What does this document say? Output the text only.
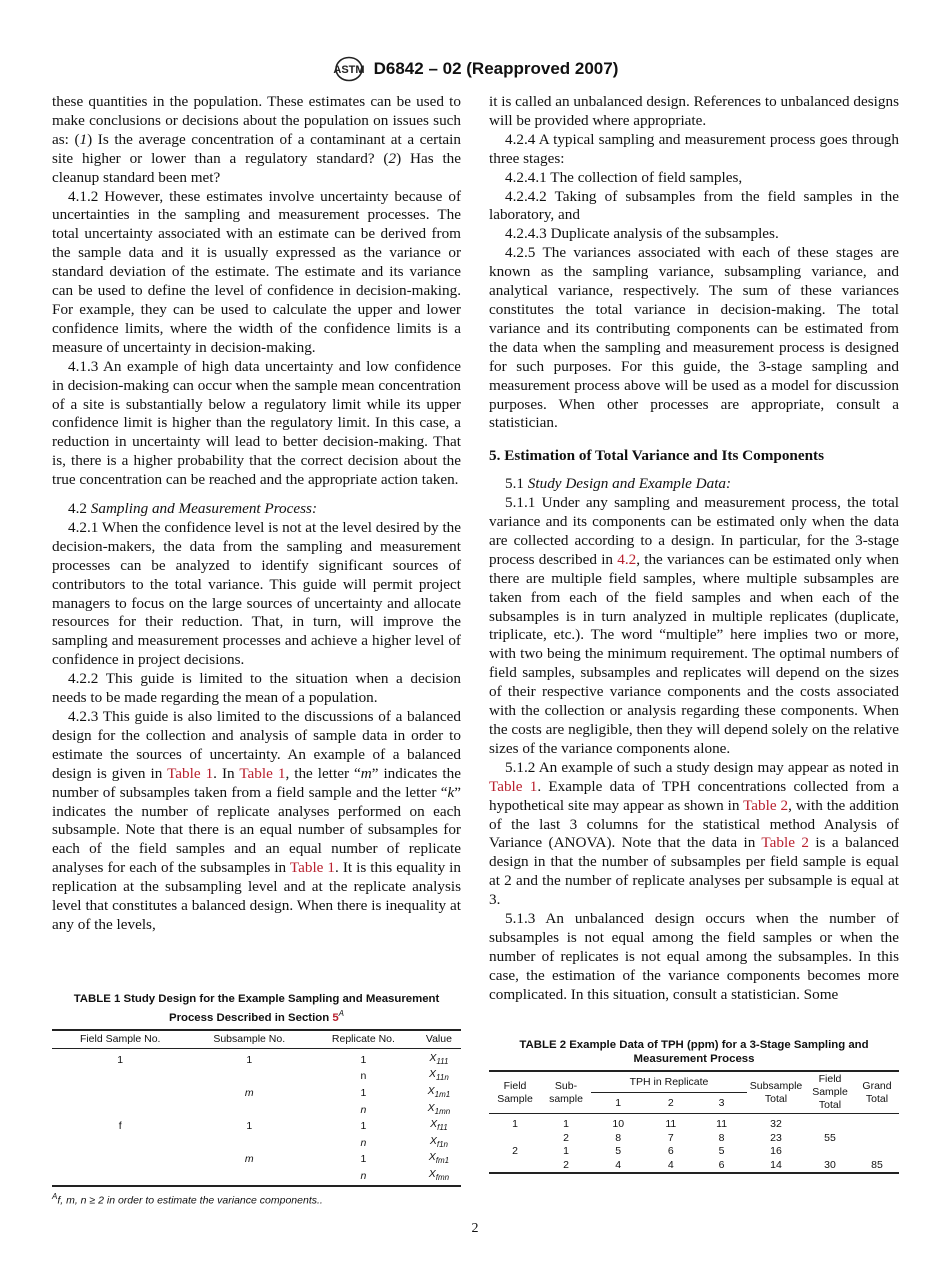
ASTM D6842 – 02 (Reapproved 2007)

these quantities in the population. These estimates can be used to make conclusions or decisions about the population on issues such as: (1) Is the average concentration of a contaminant at a certain site higher or lower than a regulatory standard? (2) Has the cleanup standard been met?

4.1.2 However, these estimates involve uncertainty because of uncertainties in the sampling and measurement processes. The total uncertainty associated with an estimate can be derived from the sample data and it is usually expressed as the variance or standard deviation of the estimate. The estimate and its variance can be used to define the level of confidence in decision-making. For example, they can be used to calculate the upper and lower confidence limits, where the width of the confidence limits is a measure of uncertainty in decision-making.

4.1.3 An example of high data uncertainty and low confidence in decision-making can occur when the sample mean concentration of a site is substantially below a regulatory limit while its upper confidence limit is higher than the regulatory limit. In this case, a reduction in uncertainty will lead to better decision-making. That is, there is a higher probability that the correct decision about the true concentration can be reached and the appropriate action taken.

4.2 Sampling and Measurement Process:

4.2.1 When the confidence level is not at the level desired by the decision-makers, the data from the sampling and measurement processes can be analyzed to identify significant sources of contributors to the total variance. This guide will permit project managers to focus on the large sources of uncertainty and allocate resources for their reduction. That, in turn, will improve the sampling and measurement processes and achieve a higher level of confidence in project decisions.

4.2.2 This guide is limited to the situation when a decision needs to be made regarding the mean of a population.

4.2.3 This guide is also limited to the discussions of a balanced design for the collection and analysis of sample data in order to estimate the sources of uncertainty. An example of a balanced design is given in Table 1. In Table 1, the letter “m” indicates the number of subsamples taken from a field sample and the letter “k” indicates the number of replicate analyses performed on each subsample. Note that there is an equal number of subsamples for each of the field samples and an equal number of replicate analyses for each of the subsamples in Table 1. It is this equality in replication at the subsampling level and at the replicate analysis level that constitutes a balanced design. When there is inequality at any of the levels,

it is called an unbalanced design. References to unbalanced designs will be provided where appropriate.

4.2.4 A typical sampling and measurement process goes through three stages:

4.2.4.1 The collection of field samples,

4.2.4.2 Taking of subsamples from the field samples in the laboratory, and

4.2.4.3 Duplicate analysis of the subsamples.

4.2.5 The variances associated with each of these stages are known as the sampling variance, subsampling variance, and analytical variance, respectively. The sum of these variances constitutes the total variance in decision-making. The total variance and its contributing components can be estimated from the data when the sampling and measurement process is designed for such purposes. For this guide, the 3-stage sampling and measurement process above will be used as a model for discussion purposes. When other processes are appropriate, consult a statistician.

5. Estimation of Total Variance and Its Components

5.1 Study Design and Example Data:

5.1.1 Under any sampling and measurement process, the total variance and its components can be estimated only when the data are collected according to a design. In particular, for the 3-stage process described in 4.2, the variances can be estimated only when there are multiple field samples, where multiple subsamples are taken from each of the field samples and when each of the subsamples is in turn analyzed in multiple replicates (duplicate, triplicate, etc.). The word “multiple” here implies two or more, with two being the minimum requirement. The optimal numbers of field samples, subsamples and replicates will depend on the sizes of their respective variance components and the costs associated with the collection or analysis regarding these components. When the costs are negligible, then they will depend solely on the relative sizes of the variance components alone.

5.1.2 An example of such a study design may appear as noted in Table 1. Example data of TPH concentrations collected from a hypothetical site may appear as shown in Table 2, with the addition of the last 3 columns for the statistical method Analysis of Variance (ANOVA). Note that the data in Table 2 is a balanced design in that the number of subsamples per field sample is equal at 2 and the number of replicate analyses per subsample is equal at 3.

5.1.3 An unbalanced design occurs when the number of subsamples is not equal among the field samples or when the number of replicates is not equal among the subsamples. In this case, the estimation of the variance components becomes more complicated. In this situation, consult a statistician. Some

TABLE 1 Study Design for the Example Sampling and Measurement Process Described in Section $5^A$
Field Sample No.	Subsample No.	Replicate No.	Value
1	1	1	$X_{111}$
		n	$X_{11n}$
	m	1	$X_{1m1}$
		n	$X_{1mn}$
f	1	1	$X_{f11}$
		n	$X_{f1n}$
	m	1	$X_{fm1}$
		n	$X_{fmn}$
$^A$f, m, n ≥ 2 in order to estimate the variance components..
TABLE 2 Example Data of TPH (ppm) for a 3-Stage Sampling and Measurement Process
Field Sample	Sub- sample	TPH in Replicate			Subsample Total	Field Sample Total	Grand Total
		1	2	3			
1	1	10	11	11	32		
	2	8	7	8	23	55	
2	1	5	6	5	16		
	2	4	4	6	14	30	85
2
